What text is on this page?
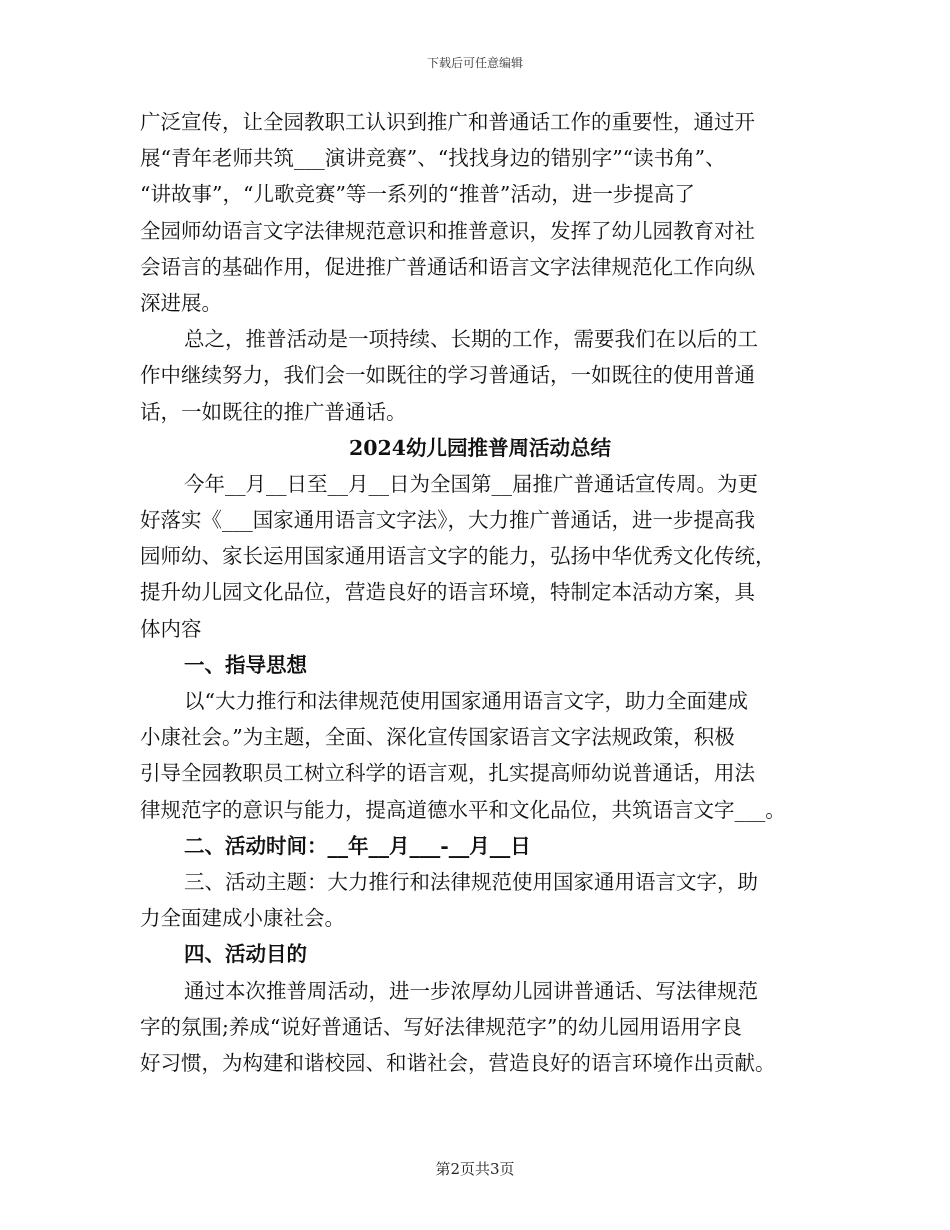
下载后可任意编辑
广泛宣传，让全园教职工认识到推广和普通话工作的重要性，通过开
展“青年老师共筑___演讲竞赛”、“找找身边的错别字”“读书角”、
“讲故事”，“儿歌竞赛”等一系列的“推普”活动，进一步提高了
全园师幼语言文字法律规范意识和推普意识，发挥了幼儿园教育对社
会语言的基础作用，促进推广普通话和语言文字法律规范化工作向纵
深进展。
总之，推普活动是一项持续、长期的工作，需要我们在以后的工
作中继续努力，我们会一如既往的学习普通话，一如既往的使用普通
话，一如既往的推广普通话。
2024幼儿园推普周活动总结
今年__月__日至__月__日为全国第__届推广普通话宣传周。为更
好落实《___国家通用语言文字法》，大力推广普通话，进一步提高我
园师幼、家长运用国家通用语言文字的能力，弘扬中华优秀文化传统，
提升幼儿园文化品位，营造良好的语言环境，特制定本活动方案，具
体内容
一、指导思想
以“大力推行和法律规范使用国家通用语言文字，助力全面建成
小康社会。”为主题，全面、深化宣传国家语言文字法规政策，积极
引导全园教职员工树立科学的语言观，扎实提高师幼说普通话，用法
律规范字的意识与能力，提高道德水平和文化品位，共筑语言文字___。
二、活动时间：__年__月___-__月__日
三、活动主题：大力推行和法律规范使用国家通用语言文字，助
力全面建成小康社会。
四、活动目的
通过本次推普周活动，进一步浓厚幼儿园讲普通话、写法律规范
字的氛围;养成“说好普通话、写好法律规范字”的幼儿园用语用字良
好习惯，为构建和谐校园、和谐社会，营造良好的语言环境作出贡献。
第2页共3页
